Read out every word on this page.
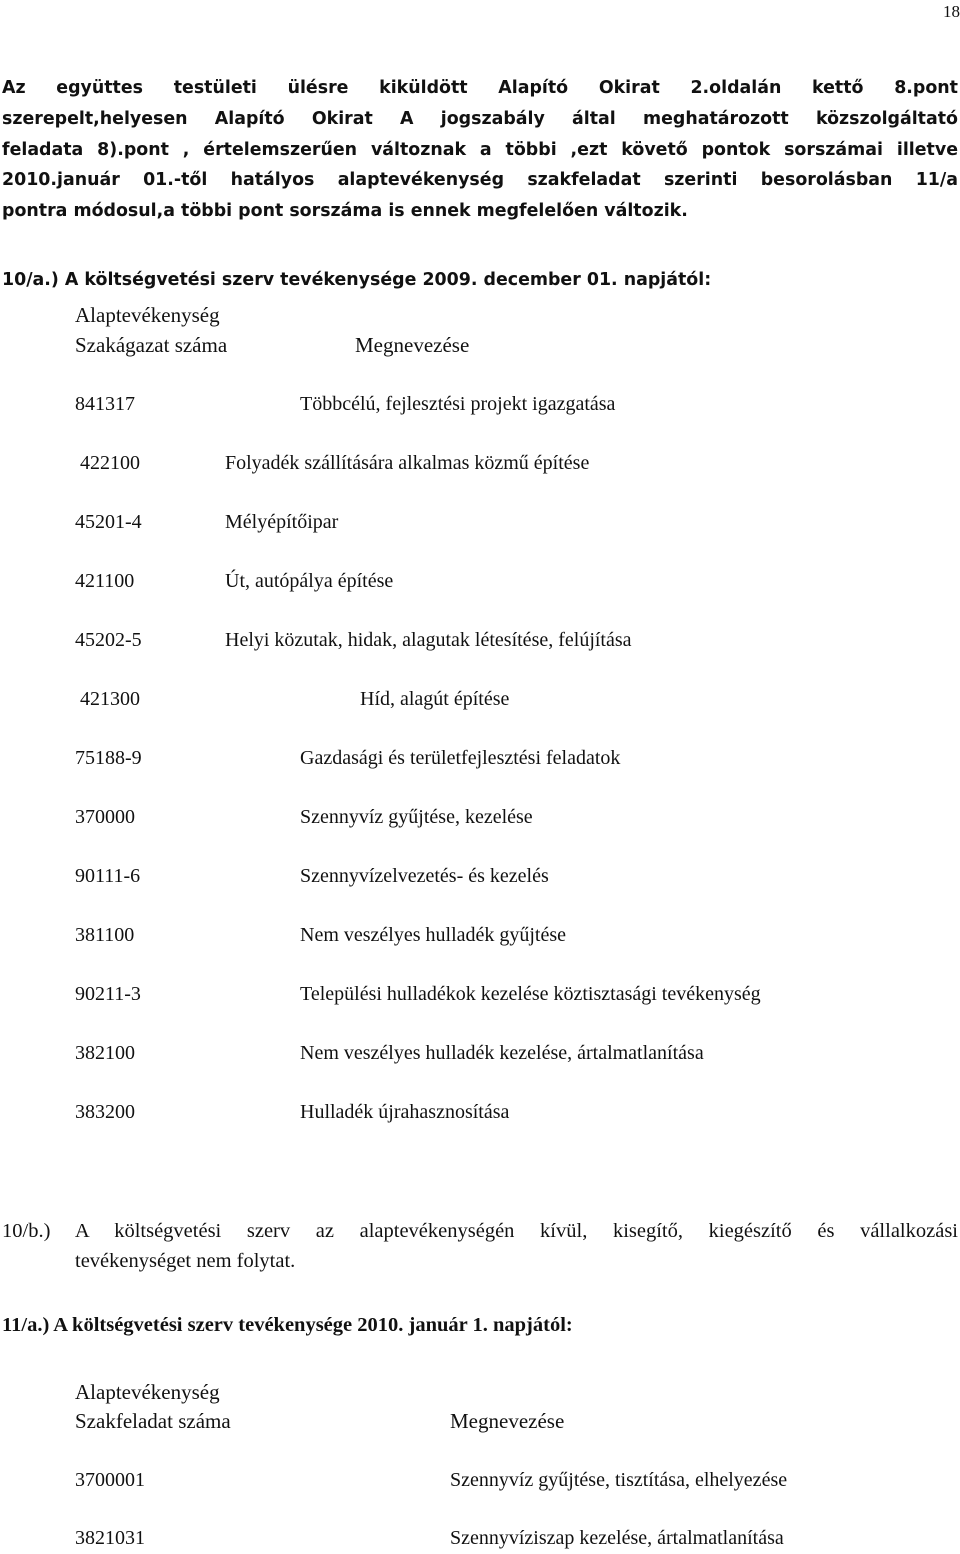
18
Az együttes testületi ülésre kiküldött Alapító Okirat 2.oldalán kettő 8.pont
szerepelt,helyesen Alapító Okirat A jogszabály által meghatározott közszolgáltató
feladata 8).pont , értelemszerűen változnak a többi ,ezt követő pontok sorszámai illetve
2010.január 01.-től hatályos alaptevékenység szakfeladat szerinti besorolásban 11/a
pontra módosul,a többi pont sorszáma is ennek megfelelően változik.
10/a.) A költségvetési szerv tevékenysége 2009. december 01. napjától:
Alaptevékenység
Szakágazat száma	Megnevezése
841317	Többcélú, fejlesztési projekt igazgatása
422100	Folyadék szállítására alkalmas közmű építése
45201-4	Mélyépítőipar
421100	Út, autópálya építése
45202-5	Helyi közutak, hidak, alagutak létesítése, felújítása
421300	Híd, alagút építése
75188-9	Gazdasági és területfejlesztési feladatok
370000	Szennyvíz gyűjtése, kezelése
90111-6	Szennyvízelvezetés- és kezelés
381100	Nem veszélyes hulladék gyűjtése
90211-3	Települési hulladékok kezelése köztisztasági tevékenység
382100	Nem veszélyes hulladék kezelése, ártalmatlanítása
383200	Hulladék újrahasznosítása
10/b.) A költségvetési szerv az alaptevékenységén kívül, kisegítő, kiegészítő és vállalkozási
tevékenységet nem folytat.
11/a.) A költségvetési szerv tevékenysége 2010. január 1. napjától:
Alaptevékenység
Szakfeladat száma	Megnevezése
3700001	Szennyvíz gyűjtése, tisztítása, elhelyezése
3821031	Szennyvíziszap kezelése, ártalmatlanítása
